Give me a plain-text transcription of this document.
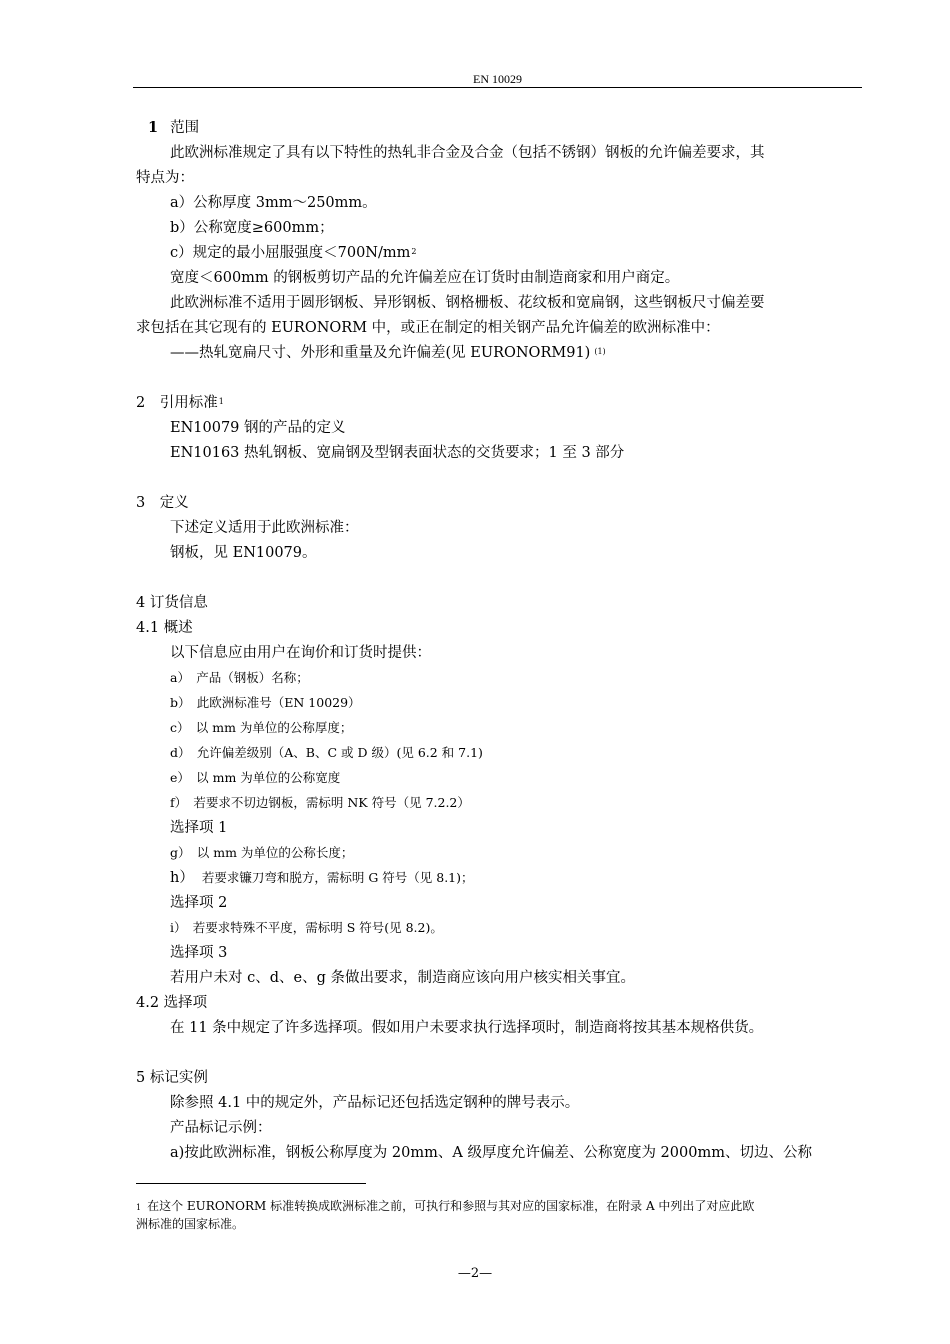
EN 10029
1 范围
此欧洲标准规定了具有以下特性的热轧非合金及合金（包括不锈钢）钢板的允许偏差要求，其
特点为：
a）公称厚度 3mm～250mm。
b）公称宽度≥600mm；
c）规定的最小屈服强度$<700N/mm^2$
宽度＜600mm 的钢板剪切产品的允许偏差应在订货时由制造商家和用户商定。
此欧洲标准不适用于圆形钢板、异形钢板、钢格栅板、花纹板和宽扁钢，这些钢板尺寸偏差要
求包括在其它现有的 EURONORM 中，或正在制定的相关钢产品允许偏差的欧洲标准中：
——热轧宽扁尺寸、外形和重量及允许偏差(见 EURONORM91) $^{(1)}$
2　引用标准$^1$
EN10079 钢的产品的定义
EN10163 热轧钢板、宽扁钢及型钢表面状态的交货要求；1 至 3 部分
3　定义
下述定义适用于此欧洲标准：
钢板，见 EN10079。
4 订货信息
4.1 概述
以下信息应由用户在询价和订货时提供：
a）　产品（钢板）名称；
b）　此欧洲标准号（EN 10029）
c）　以 mm 为单位的公称厚度；
d）　允许偏差级别（A、B、C 或 D 级）(见 6.2 和 7.1)
e）　以 mm 为单位的公称宽度
f）　若要求不切边钢板，需标明 NK 符号（见 7.2.2）
选择项 1
g）　以 mm 为单位的公称长度；
h） 若要求镰刀弯和脱方，需标明 G 符号（见 8.1)；
选择项 2
i）　若要求特殊不平度，需标明 S 符号(见 8.2)。
选择项 3
若用户未对 c、d、e、g 条做出要求，制造商应该向用户核实相关事宜。
4.2 选择项
在 11 条中规定了许多选择项。假如用户未要求执行选择项时，制造商将按其基本规格供货。
5 标记实例
除参照 4.1 中的规定外，产品标记还包括选定钢种的牌号表示。
产品标记示例：
a)按此欧洲标准，钢板公称厚度为 20mm、A 级厚度允许偏差、公称宽度为 2000mm、切边、公称
1 在这个 EURONORM 标准转换成欧洲标准之前，可执行和参照与其对应的国家标准，在附录 A 中列出了对应此欧
洲标准的国家标准。
—2—
